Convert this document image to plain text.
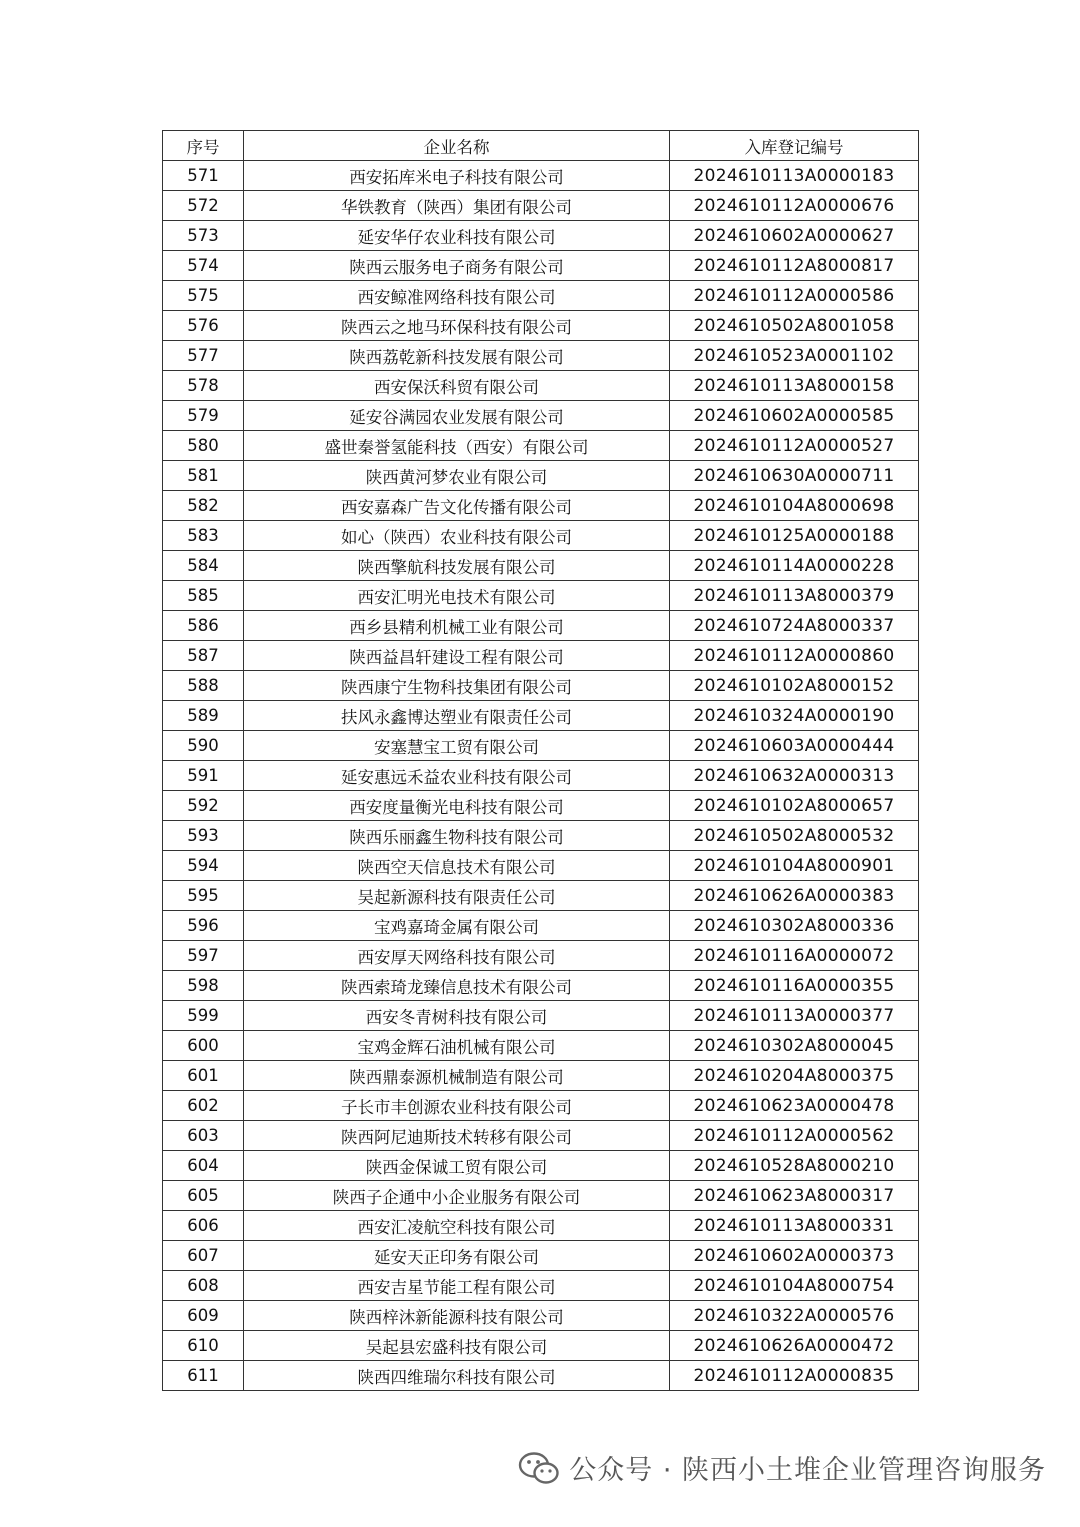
序号	企业名称	入库登记编号
571	西安拓库米电子科技有限公司	2024610113A0000183
572	华铁教育（陕西）集团有限公司	2024610112A0000676
573	延安华仔农业科技有限公司	2024610602A0000627
574	陕西云服务电子商务有限公司	2024610112A8000817
575	西安鲸准网络科技有限公司	2024610112A0000586
576	陕西云之地马环保科技有限公司	2024610502A8001058
577	陕西荔乾新科技发展有限公司	2024610523A0001102
578	西安保沃科贸有限公司	2024610113A8000158
579	延安谷满园农业发展有限公司	2024610602A0000585
580	盛世秦誉氢能科技（西安）有限公司	2024610112A0000527
581	陕西黄河梦农业有限公司	2024610630A0000711
582	西安嘉森广告文化传播有限公司	2024610104A8000698
583	如心（陕西）农业科技有限公司	2024610125A0000188
584	陕西擎航科技发展有限公司	2024610114A0000228
585	西安汇明光电技术有限公司	2024610113A8000379
586	西乡县精利机械工业有限公司	2024610724A8000337
587	陕西益昌轩建设工程有限公司	2024610112A0000860
588	陕西康宁生物科技集团有限公司	2024610102A8000152
589	扶风永鑫博达塑业有限责任公司	2024610324A0000190
590	安塞慧宝工贸有限公司	2024610603A0000444
591	延安惠远禾益农业科技有限公司	2024610632A0000313
592	西安度量衡光电科技有限公司	2024610102A8000657
593	陕西乐丽鑫生物科技有限公司	2024610502A8000532
594	陕西空天信息技术有限公司	2024610104A8000901
595	吴起新源科技有限责任公司	2024610626A0000383
596	宝鸡嘉琦金属有限公司	2024610302A8000336
597	西安厚天网络科技有限公司	2024610116A0000072
598	陕西索琦龙臻信息技术有限公司	2024610116A0000355
599	西安冬青树科技有限公司	2024610113A0000377
600	宝鸡金辉石油机械有限公司	2024610302A8000045
601	陕西鼎泰源机械制造有限公司	2024610204A8000375
602	子长市丰创源农业科技有限公司	2024610623A0000478
603	陕西阿尼迪斯技术转移有限公司	2024610112A0000562
604	陕西金保诚工贸有限公司	2024610528A8000210
605	陕西子企通中小企业服务有限公司	2024610623A8000317
606	西安汇凌航空科技有限公司	2024610113A8000331
607	延安天正印务有限公司	2024610602A0000373
608	西安吉星节能工程有限公司	2024610104A8000754
609	陕西梓沐新能源科技有限公司	2024610322A0000576
610	吴起县宏盛科技有限公司	2024610626A0000472
611	陕西四维瑞尔科技有限公司	2024610112A0000835
公众号 · 陕西小土堆企业管理咨询服务
